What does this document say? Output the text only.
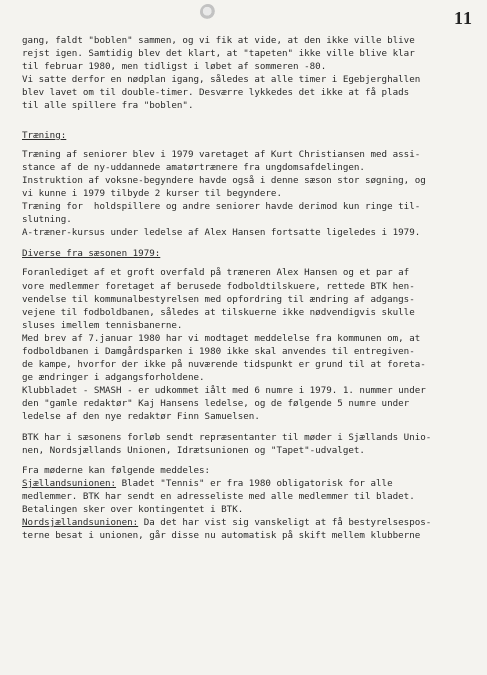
11
gang, faldt "boblen" sammen, og vi fik at vide, at den ikke ville blive
rejst igen. Samtidig blev det klart, at "tapeten" ikke ville blive klar
til februar 1980, men tidligst i løbet af sommeren -80.
Vi satte derfor en nødplan igang, således at alle timer i Egebjerghallen
blev lavet om til double-timer. Desværre lykkedes det ikke at få plads
til alle spillere fra "boblen".
Træning:
Træning af seniorer blev i 1979 varetaget af Kurt Christiansen med assi-
stance af de ny-uddannede amatørtrænere fra ungdomsafdelingen.
Instruktion af voksne-begyndere havde også i denne sæson stor søgning, og
vi kunne i 1979 tilbyde 2 kurser til begyndere.
Træning for  holdspillere og andre seniorer havde derimod kun ringe til-
slutning.
A-træner-kursus under ledelse af Alex Hansen fortsatte ligeledes i 1979.
Diverse fra sæsonen 1979:
Foranlediget af et groft overfald på træneren Alex Hansen og et par af
vore medlemmer foretaget af berusede fodboldtilskuere, rettede BTK hen-
vendelse til kommunalbestyrelsen med opfordring til ændring af adgangs-
vejene til fodboldbanen, således at tilskuerne ikke nødvendigvis skulle
sluses imellem tennisbanerne.
Med brev af 7.januar 1980 har vi modtaget meddelelse fra kommunen om, at
fodboldbanen i Damgårdsparken i 1980 ikke skal anvendes til entregiven-
de kampe, hvorfor der ikke på nuværende tidspunkt er grund til at foreta-
ge ændringer i adgangsforholdene.
Klubbladet - SMASH - er udkommet iålt med 6 numre i 1979. 1. nummer under
den "gamle redaktør" Kaj Hansens ledelse, og de følgende 5 numre under
ledelse af den nye redaktør Finn Samuelsen.
BTK har i sæsonens forløb sendt repræsentanter til møder i Sjællands Unio-
nen, Nordsjællands Unionen, Idrætsunionen og "Tapet"-udvalget.
Fra møderne kan følgende meddeles:
Sjællandsunionen: Bladet "Tennis" er fra 1980 obligatorisk for alle
medlemmer. BTK har sendt en adresseliste med alle medlemmer til bladet.
Betalingen sker over kontingentet i BTK.
Nordsjællandsunionen: Da det har vist sig vanskeligt at få bestyrelsespos-
terne besat i unionen, går disse nu automatisk på skift mellem klubberne
